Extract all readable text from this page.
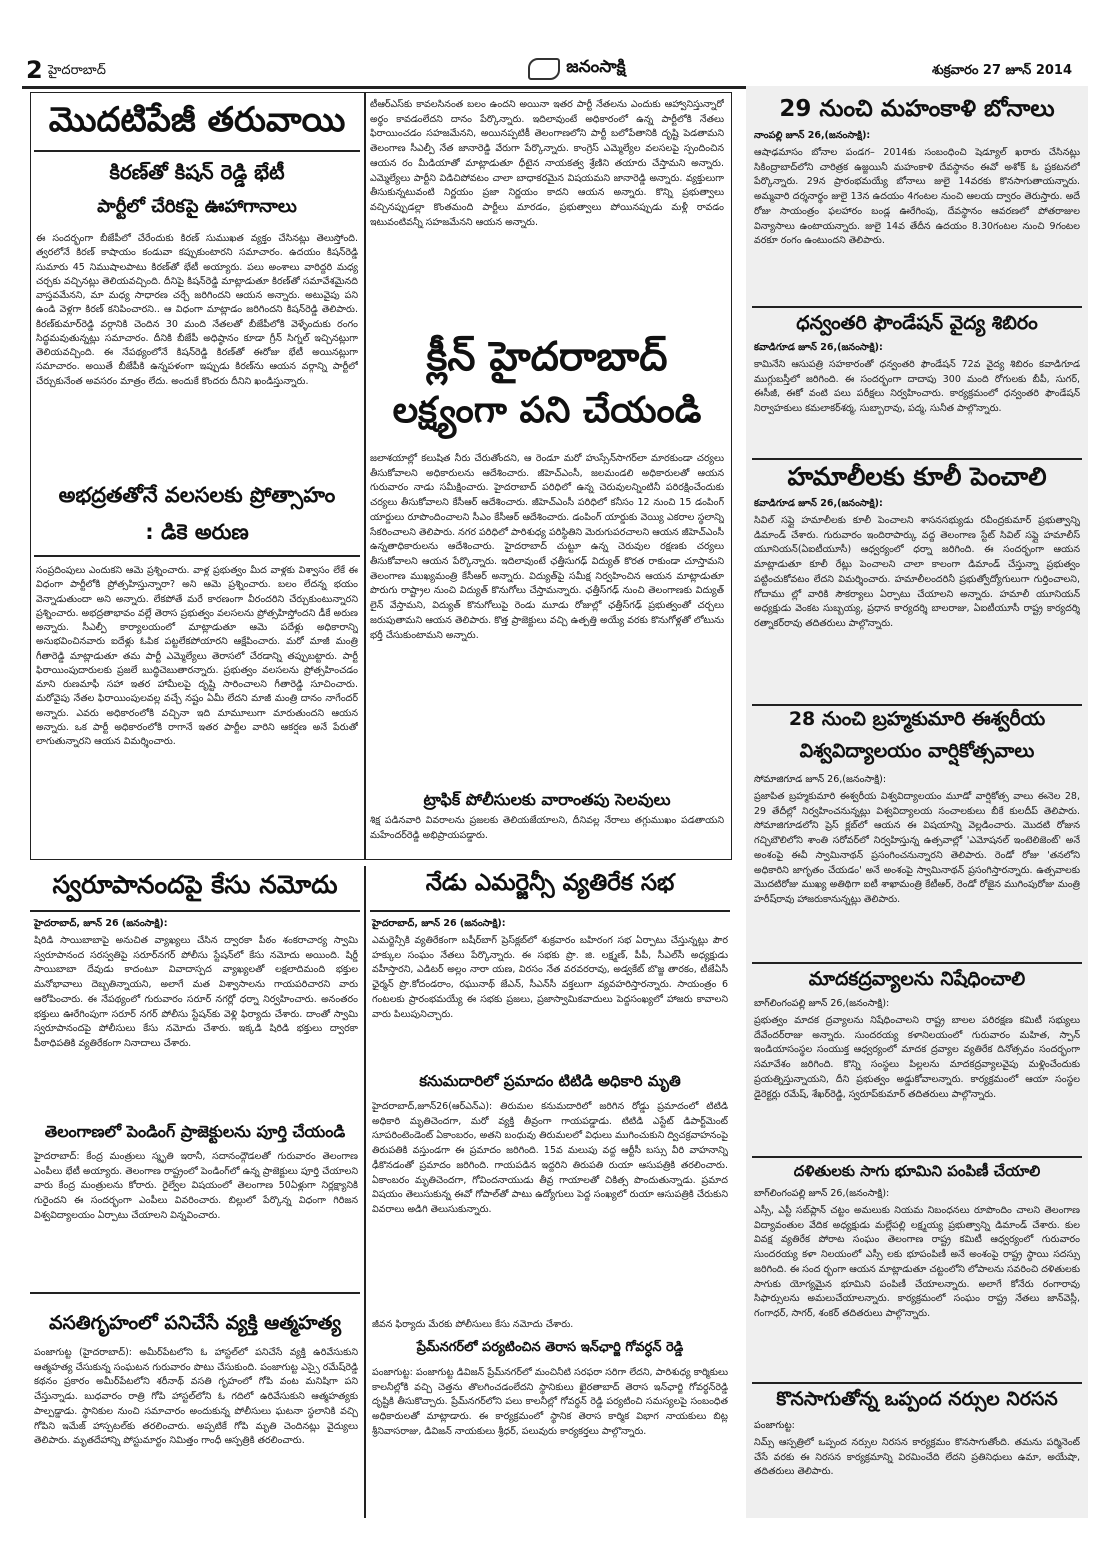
2 హైదరాబాద్	జనంసాక్షి	శుక్రవారం 27 జూన్ 2014
మొదటిపేజీ తరువాయి
కిరణ్‌తో కిషన్ రెడ్డి భేటీ
పార్టీలో చేరికపై ఊహాగానాలు
ఈ సందర్భంగా బీజేపీలో చేరేందుకు కిరణ్ సుముఖత వ్యక్తం చేసినట్లు తెలుస్తోంది. త్వరలోనే కిరణ్ కాషాయం కండువా కప్పుకుంటారని సమాచారం. ఉదయం కిషన్‌రెడ్డి సుమారు 45 నిముషాలపాటు కిరణ్‌తో భేటీ అయ్యారు. పలు అంశాలు వారిద్దరి మధ్య చర్చకు వచ్చినట్లు తెలియవచ్చింది. దీనిపై కిషన్‌రెడ్డి మాట్లాడుతూ కిరణ్‌తో సమావేశమైనది వాస్తవమేనని, మా మధ్య సాధారణ చర్చే జరిగిందని ఆయన అన్నారు. అటువైపు పని ఉండి వెళ్లగా కిరణ్ కనిపించారని.. ఆ విధంగా మాట్లాడం జరిగిందని కిషన్‌రెడ్డి తెలిపారు. కిరణ్‌కుమార్‌రెడ్డి వర్గానికి చెందిన 30 మంది నేతలతో బీజేపీలోకి వెళ్ళేందుకు రంగం సిద్ధమవుతున్నట్లు సమాచారం. దీనికి బీజేపీ అధిష్ఠానం కూడా గ్రీన్ సిగ్నల్ ఇచ్చినట్లుగా తెలియవచ్చింది. ఈ నేపథ్యంలోనే కిషన్‌రెడ్డి కిరణ్‌తో ఈరోజు భేటీ అయినట్లుగా సమాచారం. అయితే బీజేపీకి ఉన్నపళంగా ఇప్పుడు కిరణ్‌ను ఆయన వర్గాన్ని పార్టీలో చేర్చుకునేంత అవసరం మాత్రం లేదు. అందుకే కొందరు దీనిని ఖండిస్తున్నారు.
అభద్రతతోనే వలసలకు ప్రోత్సాహం
: డికె అరుణ
సంప్రదింపులు ఎందుకని ఆమె ప్రశ్నించారు. వాళ్ల ప్రభుత్వం మీద వాళ్లకు విశ్వాసం లేకే ఈ విధంగా పార్టీలోకి ప్రోత్సహిస్తున్నారా? అని ఆమె ప్రశ్నించారు. బలం లేదన్న భయం వెన్నాడుతుందా అని అన్నారు. లేకపోతే మరే కారణంగా వీరందరిని చేర్చుకుంటున్నారని ప్రశ్నించారు. అభద్రతాభావం వల్లే తెరాస ప్రభుత్వం వలసలను ప్రోత్సహిస్తోందని డీకే అరుణ అన్నారు. సీఎల్పీ కార్యాలయంలో మాట్లాడుతూ ఆమె పదేళ్లు అధికారాన్ని అనుభవించినవారు ఐదేళ్లు ఓపిక పట్టలేకపోయారని ఆక్షేపించారు. మరో మాజీ మంత్రి గీతారెడ్డి మాట్లాడుతూ తమ పార్టీ ఎమ్మెల్యేలు తెరాసలో చేరడాన్ని తప్పుబట్టారు. పార్టీ ఫిరాయింపుదారులకు ప్రజలే బుద్ధిచెబుతారన్నారు. ప్రభుత్వం వలసలను ప్రోత్సహించడం మాని రుణమాఫీ సహా ఇతర హామీలపై దృష్టి సారించాలని గీతారెడ్డి సూచించారు. మరోవైపు నేతల ఫిరాయింపులవల్ల వచ్చే నష్టం ఏమీ లేదని మాజీ మంత్రి దానం నాగేందర్ అన్నారు. ఎవరు అధికారంలోకి వచ్చినా ఇది మామూలుగా మారుతుందని ఆయన అన్నారు. ఒక పార్టీ అధికారంలోకి రాగానే ఇతర పార్టీల వారిని ఆకర్షణ అనే పేరుతో లాగుతున్నారని ఆయన విమర్శించారు.
టీఆర్‌ఎస్‌కు కావలసినంత బలం ఉందని అయినా ఇతర పార్టీ నేతలను ఎందుకు ఆహ్వానిస్తున్నారో అర్థం కావడంలేదని దానం పేర్కొన్నారు. ఇదిలావుంటే అధికారంలో ఉన్న పార్టీలోకి నేతలు ఫిరాయించడం సహజమేనని, అయినప్పటికీ తెలంగాణలోని పార్టీ బలోపేతానికి దృష్టి పెడతామని తెలంగాణ సీఎల్పీ నేత జానారెడ్డి వేరుగా పేర్కొన్నారు. కాంగ్రెస్ ఎమ్మెల్యేల వలసలపై స్పందించిన ఆయన రం మీడియాతో మాట్లాడుతూ ధీటైన నాయకత్వ శ్రేణిని తయారు చేస్తామని అన్నారు. ఎమ్మెల్యేలు పార్టీని విడిచిపోవటం చాలా బాధాకరమైన విషయమని జానారెడ్డి అన్నారు. వ్యక్తులుగా తీసుకున్నటువంటి నిర్ణయం ప్రజా నిర్ణయం కాదని ఆయన అన్నారు. కొన్ని ప్రభుత్వాలు వచ్చినప్పుడల్లా కొంతమంది పార్టీలు మారడం, ప్రభుత్వాలు పోయినప్పుడు మళ్లీ రావడం ఇటువంటివన్నీ సహజమేనని ఆయన అన్నారు.
క్లీన్ హైదరాబాద్
లక్ష్యంగా పని చేయండి
జలాశయాల్లో కలుషిత నీరు చేరుతోందని, ఆ రెండూ మరో హుస్సేన్‌సాగర్‌లా మారకుండా చర్యలు తీసుకోవాలని అధికారులను ఆదేశించారు. జీహెచ్‌ఎంసీ, జలమండలి అధికారులతో ఆయన గురువారం నాడు సమీక్షించారు. హైదరాబాద్ పరిధిలో ఉన్న చెరువులన్నింటినీ పరిరక్షించేందుకు చర్యలు తీసుకోవాలని కేసీఆర్ ఆదేశించారు. జీహెచ్‌ఎంసీ పరిధిలో కనీసం 12 నుంచి 15 డంపింగ్ యార్డులు రూపొందించాలని సీఎం కేసీఆర్ ఆదేశించారు. డంపింగ్ యార్డుకు వెయ్యి ఎకరాల స్థలాన్ని సేకరించాలని తెలిపారు. నగర పరిధిలో పారిశుధ్య పరిస్థితిని మెరుగుపరచాలని ఆయన జీహెచ్‌ఎంసీ ఉన్నతాధికారులను ఆదేశించారు. హైదరాబాద్ చుట్టూ ఉన్న చెరువుల రక్షణకు చర్యలు తీసుకోవాలని ఆయన పేర్కొన్నారు. ఇదిలావుంటే ఛత్తీసుగఢ్ విద్యుత్ కొరత రాకుండా చూస్తామని తెలంగాణ ముఖ్యమంత్రి కేసీఆర్ అన్నారు. విద్యుత్‌పై సమీక్ష నిర్వహించిన ఆయన మాట్లాడుతూ పొరుగు రాష్ట్రాల నుంచి విద్యుత్ కొనుగోలు చేస్తామన్నారు. ఛత్తీస్‌గఢ్ నుంచి తెలంగాణకు విద్యుత్ లైన్ వేస్తామని, విద్యుత్ కొనుగోలుపై రెండు మూడు రోజుల్లో ఛత్తీస్‌గఢ్ ప్రభుత్వంతో చర్చలు జరుపుతామని ఆయన తెలిపారు. కొత్త ప్రాజెక్టులు వచ్చి ఉత్పత్తి అయ్యే వరకు కొనుగోళ్లతో లోటును భర్తీ చేసుకుంటామని అన్నారు.
ట్రాఫిక్ పోలీసులకు వారాంతపు సెలవులు
శిక్ష పడినవారి వివరాలను ప్రజలకు తెలియజేయాలని, దీనివల్ల నేరాలు తగ్గుముఖం పడతాయని మహేందర్‌రెడ్డి అభిప్రాయపడ్డారు.
29 నుంచి మహంకాళి బోనాలు
నాంపల్లి జూన్ 26,(జనంసాక్షి):
ఆషాఢమాసం బోనాల పండగ– 2014కు సంబంధించి షెడ్యూల్ ఖరారు చేసినట్లు సికింద్రాబాద్‌లోని చారిత్రక ఉజ్జయినీ మహంకాళి దేవస్థానం ఈవో అశోక్ ఓ ప్రకటనలో పేర్కొన్నారు. 29న ప్రారంభమయ్యే బోనాలు జులై 14వరకు కొనసాగుతాయన్నారు. అమ్మవారి దర్శనార్థం జులై 13న ఉదయం 4గంటల నుంచి ఆలయ ద్వారం తెరుస్తారు. అదే రోజు సాయంత్రం ఫలహారం బండ్ల ఊరేగింపు, దేవస్థానం ఆవరణలో పోతరాజుల విన్యాసాలు ఉంటాయన్నారు. జులై 14వ తేదీన ఉదయం 8.30గంటల నుంచి 9గంటల వరకూ రంగం ఉంటుందని తెలిపారు.
ధన్వంతరి ఫౌండేషన్ వైద్య శిబిరం
కవాడిగూడ జూన్ 26,(జనంసాక్షి):
కామినేని ఆసుపత్రి సహకారంతో ధన్వంతరి ఫౌండేషన్ 72వ వైద్య శిబిరం కవాడిగూడ ముగ్గుబస్తీలో జరిగింది. ఈ సందర్భంగా దాదాపు 300 మంది రోగులకు బీపీ, సుగర్, ఈసీజీ, ఈకో వంటి పలు పరీక్షలు నిర్వహించారు. కార్యక్రమంలో ధన్వంతరి ఫౌండేషన్ నిర్వాహకులు కమలాకర్‌శర్మ, సుబ్బారావు, పద్మ, సునీత పాల్గొన్నారు.
హమాలీలకు కూలీ పెంచాలి
కవాడిగూడ జూన్ 26,(జనంసాక్షి):
సివిల్ సప్లై హమాలీలకు కూలీ పెంచాలని శాసనసభ్యుడు రవీంద్రకుమార్ ప్రభుత్వాన్ని డిమాండ్ చేశారు. గురువారం ఇందిరాపార్కు వద్ద తెలంగాణ స్టేట్ సివిల్ సప్లై హమాలీస్ యూనియన్(ఏఐటీయూసీ) ఆధ్వర్యంలో ధర్నా జరిగింది. ఈ సందర్భంగా ఆయన మాట్లాడుతూ కూలీ రేట్లు పెంచాలని చాలా కాలంగా డిమాండ్ చేస్తున్నా ప్రభుత్వం పట్టించుకోవటం లేదని విమర్శించారు. హమాలీలందరినీ ప్రభుత్వోద్యోగులుగా గుర్తించాలని, గోదాము ల్లో వారికి సౌకర్యాలు ఏర్పాటు చేయాలని అన్నారు. హమాలీ యూనియన్ అధ్యక్షుడు వెంకట సుబ్బయ్య, ప్రధాన కార్యదర్శి బాలరాజు, ఏఐటీయూసీ రాష్ట్ర కార్యదర్శి రత్నాకర్‌రావు తదితరులు పాల్గొన్నారు.
28 నుంచి బ్రహ్మకుమారి ఈశ్వరీయ
విశ్వవిద్యాలయం వార్షికోత్సవాలు
సోమాజిగూడ జూన్ 26,(జనంసాక్షి):
ప్రజాపిత బ్రహ్మకుమారి ఈశ్వరీయ విశ్వవిద్యాలయం మూడో వార్షికోత్స వాలు ఈనెల 28, 29 తేదీల్లో నిర్వహించనున్నట్లు విశ్వవిద్యాలయ సంచాలకులు బీకే కులదీప్ తెలిపారు. సోమాజిగూడలోని ప్రెస్ క్లబ్‌లో ఆయన ఈ విషయాన్ని వెల్లడించారు. మొదటి రోజున గచ్చిబౌలిలోని శాంతి సరోవర్‌లో నిర్వహిస్తున్న ఉత్సవాల్లో 'ఎమోషనల్ ఇంటెలిజెంట్' అనే అంశంపై ఈవీ స్వామినాథన్ ప్రసంగించనున్నారని తెలిపారు. రెండో రోజు 'తనలోని అధికారిని జాగృతం చేయడం' అనే అంశంపై స్వామినాథన్ ప్రసంగిస్తారన్నారు. ఉత్సవాలకు మొదటిరోజు ముఖ్య అతిథిగా ఐటీ శాఖామంత్రి కేటీఆర్, రెండో రోజైన ముగింపురోజు మంత్రి హరీష్‌రావు హాజరుకానున్నట్లు తెలిపారు.
మాదకద్రవ్యాలను నిషేధించాలి
బాగ్‌లింగంపల్లి జూన్ 26,(జనంసాక్షి):
ప్రభుత్వం మాదక ద్రవ్యాలను నిషేధించాలని రాష్ట్ర బాలల పరిరక్షణ కమిటీ సభ్యులు దేవేందర్‌రాజు అన్నారు. సుందరయ్య కళానిలయంలో గురువారం మహిత, స్పాన్ ఇండియాసంస్థల సంయుక్త ఆధ్వర్యంలో మాదక ద్రవ్యాల వ్యతిరేక దినోత్సవం సందర్భంగా సమావేశం జరిగింది. కొన్ని సంస్థలు పిల్లలను మాదకద్రవ్యాలవైపు మళ్లించేందుకు ప్రయత్నిస్తున్నాయని, దీని ప్రభుత్వం అడ్డుకోవాలన్నారు. కార్యక్రమంలో ఆయా సంస్థల డైరెక్టర్లు రమేష్, శేఖర్‌రెడ్డి, స్వరూప్‌కుమార్ తదితరులు పాల్గొన్నారు.
దళితులకు సాగు భూమిని పంపిణీ చేయాలి
బాగ్‌లింగంపల్లి జూన్ 26,(జనంసాక్షి):
ఎస్సీ, ఎస్టీ సబ్‌ప్లాన్ చట్టం అమలుకు నియమ నిబంధనలు రూపొందిం చాలని తెలంగాణ విద్యావంతుల వేదిక అధ్యక్షుడు మల్లేపల్లి లక్ష్మయ్య ప్రభుత్వాన్ని డిమాండ్ చేశారు. కుల వివక్ష వ్యతిరేక పోరాట సంఘం తెలంగాణ రాష్ట్ర కమిటీ ఆధ్వర్యంలో గురువారం సుందరయ్య కళా నిలయంలో ఎస్సీ లకు భూపంపిణీ అనే అంశంపై రాష్ట్ర స్థాయి సదస్సు జరిగింది. ఈ సంద ర్భంగా ఆయన మాట్లాడుతూ చట్టంలోని లోపాలను సవరించి దళితులకు సాగుకు యోగ్యమైన భూమిని పంపిణీ చేయాలన్నారు. అలాగే కోనేరు రంగారావు సిఫార్సులను అమలుచేయాలన్నారు. కార్యక్రమంలో సంఘం రాష్ట్ర నేతలు జాన్‌వెస్లీ, గంగాధర్, సాగర్, శంకర్ తదితరులు పాల్గొన్నారు.
కొనసాగుతోన్న ఒప్పంద నర్సుల నిరసన
పంజాగుట్ట:
నిమ్స్ ఆస్పత్రిలో ఒప్పంద నర్సుల నిరసన కార్యక్రమం కొనసాగుతోంది. తమను పర్మినెంట్ చేసే వరకు ఈ నిరసన కార్యక్రమాన్ని విరమించేది లేదని ప్రతినిధులు ఉమా, అయేషా, తదితరులు తెలిపారు.
స్వరూపానందపై కేసు నమోదు
హైదరాబాద్, జూన్ 26 (జనంసాక్షి):
షిరిడి సాయిబాబాపై అనుచిత వ్యాఖ్యలు చేసిన ద్వారకా పీఠం శంకరాచార్య స్వామి స్వరూపానంద సరస్వతిపై సరూర్‌నగర్ పోలీసు స్టేషన్‌లో కేసు నమోదు అయింది. షిర్డీ సాయిబాబా దేవుడు కాదంటూ వివాదాస్పద వ్యాఖ్యలతో లక్షలాదిమంది భక్తుల మనోభావాలు దెబ్బతిన్నాయని, అలాగే మత విశ్వాసాలను గాయపరిచారని వారు ఆరోపించారు. ఈ నేపథ్యంలో గురువారం సరూర్ నగర్లో ధర్నా నిర్వహించారు. అనంతరం భక్తులు ఊరేగింపుగా సరూర్ నగర్ పోలీసు స్టేషన్‌కు వెళ్లి ఫిర్యాదు చేశారు. దాంతో స్వామి స్వరూపానందపై పోలీసులు కేసు నమోదు చేశారు. ఇక్కడి షిరిడి భక్తులు ద్వారకా పీఠాధిపతికి వ్యతిరేకంగా నినాదాలు చేశారు.
తెలంగాణలో పెండింగ్ ప్రాజెక్టులను పూర్తి చేయండి
హైదరాబాద్: కేంద్ర మంత్రులు స్మృతి ఇరానీ, సదానంద్గౌడలతో గురువారం తెలంగాణ ఎంపీలు భేటీ అయ్యారు. తెలంగాణ రాష్ట్రంలో పెండింగ్‌లో ఉన్న ప్రాజెక్టులు పూర్తి చేయాలని వారు కేంద్ర మంత్రులను కోరారు. రైల్వేల విషయంలో తెలంగాణ 50ఏళ్లుగా నిర్లక్ష్యానికి గురైందని ఈ సందర్భంగా ఎంపీలు వివరించారు. బిల్లులో పేర్కొన్న విధంగా గిరిజన విశ్వవిద్యాలయం ఏర్పాటు చేయాలని విన్నవించారు.
వసతిగృహంలో పనిచేసే వ్యక్తి ఆత్మహత్య
పంజాగుట్ట (హైదరాబాద్): అమీర్‌పేటలోని ఓ హాస్టల్‌లో పనిచేసే వ్యక్తి ఉరివేసుకుని ఆత్మహత్య చేసుకున్న సంఘటన గురువారం పొటు చేసుకుంది. పంజాగుట్ట ఎస్సై రమేష్‌రెడ్డి కథనం ప్రకారం అమీర్‌పేటలోని శరీనాథ్ వసతి గృహంలో గోపి వంట మనిషిగా పని చేస్తున్నాడు. బుధవారం రాత్రి గోపి హాస్టల్‌లోని ఓ గదిలో ఉరివేసుకుని ఆత్మహత్యకు పాల్పడ్డాడు. స్థానికుల నుంచి సమాచారం అందుకున్న పోలీసులు ఘటనా స్థలానికి వచ్చి గోపిని ఇమేజ్ హాస్పటల్‌కు తరలించారు. అప్పటికే గోపి మృతి చెందినట్లు వైద్యులు తెలిపారు. మృతదేహాన్ని పోస్టుమార్టం నిమిత్తం గాంధీ ఆస్పత్రికి తరలించారు.
నేడు ఎమర్జెన్సీ వ్యతిరేక సభ
హైదరాబాద్, జూన్ 26 (జనంసాక్షి):
ఎమర్జెన్సీకి వ్యతిరేకంగా బషీర్‌బాగ్ ప్రెస్‌క్లబ్‌లో శుక్రవారం బహిరంగ సభ ఏర్పాటు చేస్తున్నట్లు పౌర హక్కుల సంఘం నేతలు పేర్కొన్నారు. ఈ సభకు ప్రొ. జి. లక్ష్మణ్, పీపీ, సీఎల్‌సీ అధ్యక్షుడు వహీస్తారని, ఎడిటర్ అల్లం నారా యణ, విరసం నేత వరవరరావు, అడ్వకేట్ బొజ్జ తారకం, టీజేఏసీ ఛైర్మన్ ప్రొ.కోదండరాం, రఘునాథ్ జేఎన్, సీఎన్‌సీ వక్తలుగా వ్యవహరిస్తారన్నారు. సాయంత్రం 6 గంటలకు ప్రారంభమయ్యే ఈ సభకు ప్రజలు, ప్రజాస్వామికవాదులు పెద్దసంఖ్యలో హాజరు కావాలని వారు పిలుపునిచ్చారు.
కనుమదారిలో ప్రమాదం టిటిడి అధికారి మృతి
హైదరాబాద్,జూన్26(ఆర్ఎన్ఎ): తిరుమల కనుమదారిలో జరిగిన రోడ్డు ప్రమాదంలో టిటిడి అధికారి మృతిచెందగా, మరో వ్యక్తి తీవ్రంగా గాయపడ్డాడు. టిటిడి ఎస్టేట్ డిపార్ట్‌మెంట్ సూపరింటెండెంట్ ఏకాంబరం, అతని బంధువు తిరుమలలో విధులు ముగించుకుని ద్విచక్రవాహనంపై తిరుపతికి వస్తుండగా ఈ ప్రమాదం జరిగింది. 15వ మలుపు వద్ద ఆర్టీసీ బస్సు వీరి వాహనాన్ని ఢీకొనడంతో ప్రమాదం జరిగింది. గాయపడిన ఇద్దరిని తిరుపతి రుయా ఆసుపత్రికి తరలించారు. ఏకాంబరం మృతిచెందగా, గోవిందనాయుడు తీవ్ర గాయాలతో చికిత్స పొందుతున్నాడు. ప్రమాద విషయం తెలుసుకున్న ఈవో గోపాల్‌తో పాటు ఉద్యోగులు పెద్ద సంఖ్యలో రుయా ఆసుపత్రికి చేరుకుని వివరాలు అడిగి తెలుసుకున్నారు.
జీవన ఫిర్యాదు మేరకు పోలీసులు కేసు నమోదు చేశారు.
ప్రేమ్‌నగర్‌లో పర్యటించిన తెరాస ఇన్‌ఛార్జి గోవర్ధన్ రెడ్డి
పంజాగుట్ట: పంజాగుట్ట డివిజన్ ప్రేమ్‌నగర్‌లో మంచినీటి సరఫరా సరిగా లేదని, పారిశుధ్య కార్మికులు కాలనీల్లోకి వచ్చి చెత్తను తొలగించడంలేదని స్థానికులు ఖైరతాబాద్ తెరాస ఇన్‌ఛార్జి గోవర్ధన్‌రెడ్డి దృష్టికి తీసుకొచ్చారు. ప్రేమ్‌నగర్‌లోని పలు కాలనీల్లో గోవర్ధన్ రెడ్డి పర్యటించి సమస్యలపై సంబంధిత అధికారులతో మాట్లాడారు. ఈ కార్యక్రమంలో స్థానిక తెరాస కార్మిక విభాగ నాయకులు బిట్ల శ్రీనివాసరాజు, డివిజన్ నాయకులు శ్రీధర్, పలువురు కార్యకర్తలు పాల్గొన్నారు.
